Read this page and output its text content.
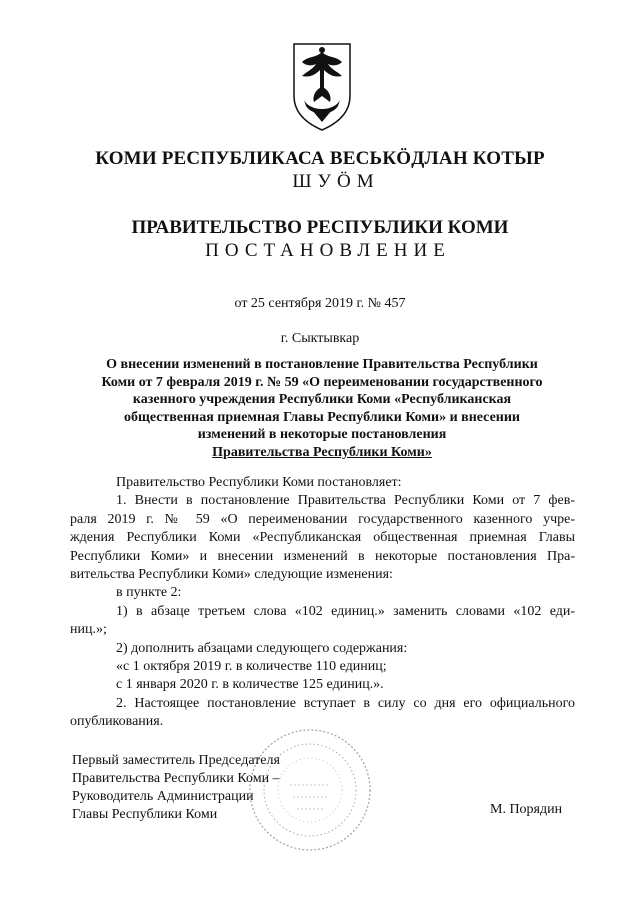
КОМИ РЕСПУБЛИКАСА ВЕСЬКÖДЛАН КОТЫР
ШУÖМ
ПРАВИТЕЛЬСТВО РЕСПУБЛИКИ КОМИ
ПОСТАНОВЛЕНИЕ
от 25 сентября 2019 г. № 457
г. Сыктывкар
О внесении изменений в постановление Правительства Республики
Коми от 7 февраля 2019 г. № 59 «О переименовании государственного
казенного учреждения Республики Коми «Республиканская
общественная приемная Главы Республики Коми» и внесении
изменений в некоторые постановления
Правительства Республики Коми»
Правительство Республики Коми постановляет:
1. Внести в постановление Правительства Республики Коми от 7 фев-
раля 2019 г. № 59 «О переименовании государственного казенного учре-
ждения Республики Коми «Республиканская общественная приемная Главы
Республики Коми» и внесении изменений в некоторые постановления Пра-
вительства Республики Коми» следующие изменения:
в пункте 2:
1) в абзаце третьем слова «102 единиц.» заменить словами «102 еди-
ниц.»;
2) дополнить абзацами следующего содержания:
«с 1 октября 2019 г. в количестве 110 единиц;
с 1 января 2020 г. в количестве 125 единиц.».
2. Настоящее постановление вступает в силу со дня его официального
опубликования.
Первый заместитель Председателя
Правительства Республики Коми –
Руководитель Администрации
Главы Республики Коми	М. Порядин
